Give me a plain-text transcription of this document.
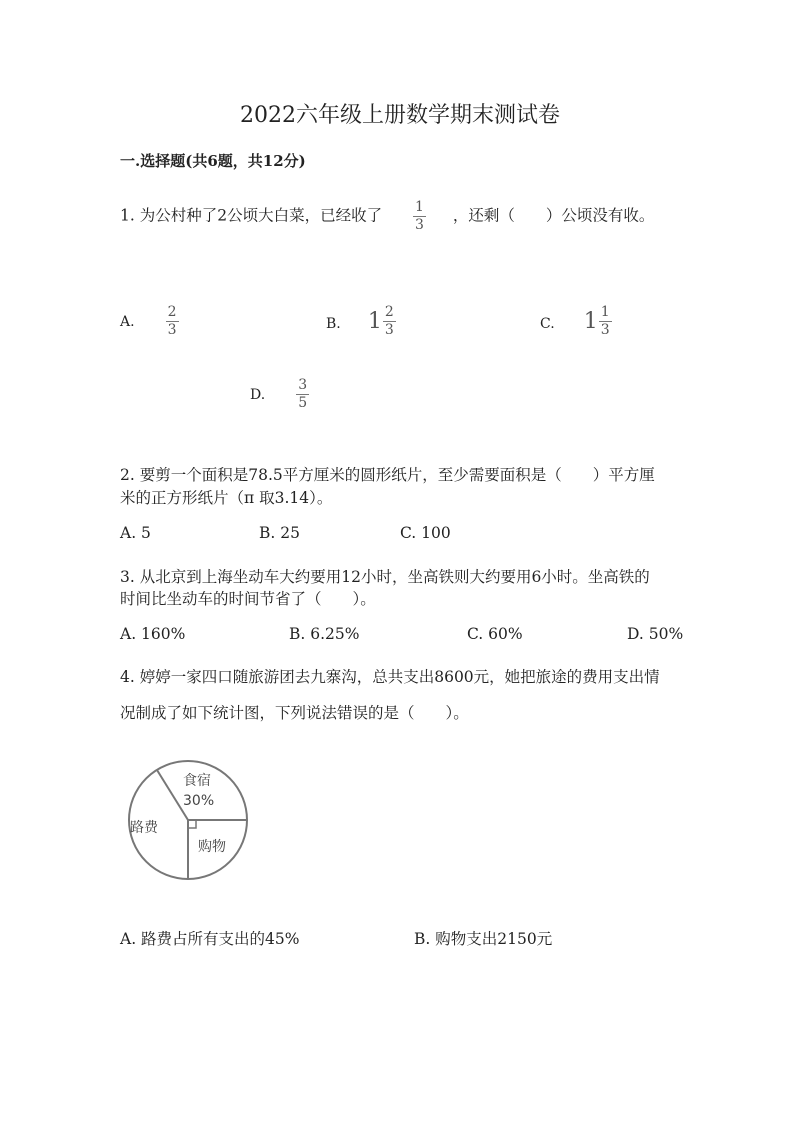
2022六年级上册数学期末测试卷
一.选择题(共6题，共12分)
1. 为公村种了2公顷大白菜，已经收了 $\frac{1}{3}$ ，还剩（　　）公顷没有收。
A. $\frac{2}{3}$	B. $1 \frac{2}{3}$	C. $1 \frac{1}{3}$
D. $\frac{3}{5}$
2. 要剪一个面积是78.5平方厘米的圆形纸片，至少需要面积是（　　）平方厘
米的正方形纸片（π 取3.14）。
A. 5	B. 25	C. 100
3. 从北京到上海坐动车大约要用12小时，坐高铁则大约要用6小时。坐高铁的
时间比坐动车的时间节省了（　　）。
A. 160%	B. 6.25%	C. 60%	D. 50%
4. 婷婷一家四口随旅游团去九寨沟，总共支出8600元，她把旅途的费用支出情
况制成了如下统计图，下列说法错误的是（　　）。
食宿
30%
路费
购物
A. 路费占所有支出的45%	B. 购物支出2150元
